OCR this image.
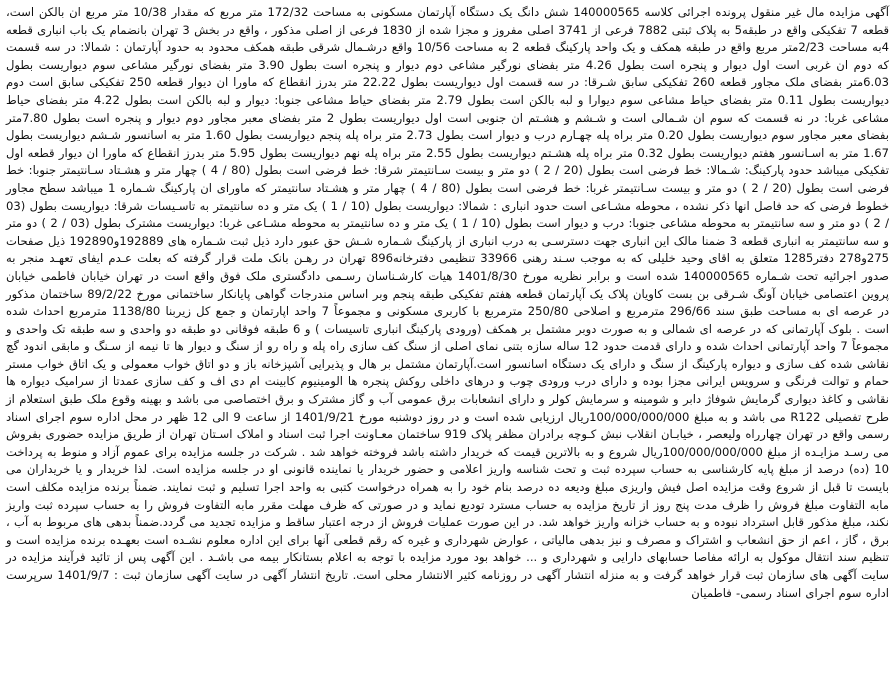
آگهی مزایده مال غیر منقول پرونده اجرائی کلاسه 140000565 شش دانگ یک دستگاه آپارتمان مسکونی به مساحت 172/32 متر مربع که مقدار 10/38 متر مربع ان بالکن است، قطعه 7 تفکیکی واقع در طبقه5 به پلاک ثبتی 7882 فرعی از 3741 اصلی مفروز و مجزا شده از 1830 فرعی از اصلی مذکور ، واقع در بخش 3 تهران بانضمام یک باب انباری قطعه 4به مساحت 2/23متر مربع واقع در طبقه همکف و یک واحد پارکینگ قطعه 2 به مساحت 10/56 واقع درشـمال شرقی طبقه همکف محدود به حدود آپارتمان : شمالا: در سه قسمت که دوم ان غربی است اول دیوار و پنجره است بطول 4.26 متر بفضای نورگیر مشاعی دوم دیوار و پنجره است بطول 3.90 متر بفضای نورگیر مشاعی سوم دیواریست بطول 6.03متر بفضای ملک مجاور قطعه 260 تفکیکی سابق شـرقا: در سه قسمت اول دیواریست بطول 22.22 متر بدرز انقطاع که ماورا ان دیوار قطعه 250 تفکیکی سابق است دوم دیواریست بطول 0.11 متر بفضای حیاط مشاعی سوم دیوارا و لبه بالکن است بطول 2.79 متر بفضای حیاط مشاعی جنوبا: دیوار و لبه بالکن است بطول 4.22 متر بفضای حیاط مشاعی غربا: در نه قسمت که سوم ان شـمالی است و شـشم و هشـتم ان جنوبی است اول دیواریست بطول 2 متر بفضای معبر مجاور دوم دیوار و پنجره است بطول 7.80متر بفضای معبر مجاور سوم دیواریست بطول 0.20 متر براه پله چهـارم درب و دیوار است بطول 2.73 متر براه پله پنجم دیواریست بطول 1.60 متر به اسانسور شـشم دیواریست بطول 1.67 متر به اسـانسور هفتم دیواریست بطول 0.32 متر براه پله هشـتم دیواریست بطول 2.55 متر براه پله نهم دیواریست بطول 5.95 متر بدرز انقطاع که ماورا ان دیوار قطعه اول تفکیکی میباشد حدود پارکینگ: شـمالا: خط فرضی است بطول (20 / 2 ) دو متر و بیست سـانتیمتر شرقا: خط فرضی است بطول (80 / 4 ) چهار متر و هشـتاد سـانتیمتر جنوبا: خط فرضی است بطول (20 / 2 ) دو متر و بیست سـانتیمتر غربا: خط فرضی است بطول (80 / 4 ) چهار متر و هشـتاد سانتیمتر که ماورای ان پارکینگ شـماره 1 میباشد سطح مجاور خطوط فرضی که حد فاصل انها ذکر نشده ، محوطه مشـاعی است حدود انباری : شمالا: دیواریست بطول (10 / 1 ) یک متر و ده سانتیمتر به تاسـیسات شرقا: دیواریست بطول (03 / 2 ) دو متر و سه سانتیمتر به محوطه مشاعی جنوبا: درب و دیوار است بطول (10 / 1 ) یک متر و ده سانتیمتر به محوطه مشـاعی غربا: دیواریست مشترک بطول (03 / 2 ) دو متر و سه سانتیمتر به انباری قطعه 3 ضمنا مالک این انباری جهت دسترسـی به درب انباری از پارکینگ شـماره شـش حق عبور دارد ذیل ثبت شـماره های 192889و192890 ذیل صفحات 275و278 دفتر1285 متعلق به اقای وحید خلیلی که به موجب سـند رهنی 33966 تنظیمی دفترخانه896 تهران در رهـن بانک ملت قرار گرفته که بعلت عـدم ایفای تعهـد منجر به صدور اجرائیه تحت شـماره 140000565 شده است و برابر نظریه مورخ 1401/8/30 هیات کارشـناسان رسـمی دادگستری ملک فوق واقع است در تهران خیابان فاطمی خیابان پروین اعتصامی خیابان آونگ شـرقی بن بست کاویان پلاک یک آپارتمان قطعه هفتم تفکیکی طبقه پنجم وبر اساس مندرجات گواهی پایانکار ساختمانی مورخ 89/2/22 ساختمان مذکور در عرصه ای به مساحت طبق سند 296/66 مترمربع و اصلاحی 250/80 مترمربع با کاربری مسکونی و مجموعاً 7 واحد اپارتمان و جمع کل زیربنا 1138/80 مترمربع احداث شده است . بلوک آپارتمانی که در عرصه ای شمالی و به صورت دوبر مشتمل بر همکف (ورودی پارکینگ انباری تاسیسات ) و 6 طبقه فوقانی دو طبقه دو واحدی و سه طبقه تک واحدی و مجموعاً 7 واحد آپارتمانی احداث شده و دارای قدمت حدود 12 ساله سازه بتنی نمای اصلی از سنگ کف سازی راه پله و راه رو از سنگ و دیوار ها تا نیمه از سـنگ و مابقی اندود گچ نقاشی شده کف سازی و دیواره پارکینگ از سنگ و دارای یک دستگاه اسانسور است.آپارتمان مشتمل بر هال و پذیرایی آشپزخانه باز و دو اتاق خواب معمولی و یک اتاق خواب مستر حمام و توالت فرنگی و سرویس ایرانی مجزا بوده و دارای درب ورودی چوب و درهای داخلی روکش پنجره ها الومینیوم کابینت ام دی اف و کف سازی عمدتا از سرامیک دیواره ها نقاشی و کاغذ دیواری گرمایش شوفاژ دابر و شومینه و سرمایش کولر و دارای انشعابات برق عمومی آب و گاز مشترک و برق اختصاصی می باشد و بهینه وقوع ملک طبق استعلام از طرح تفصیلی R122 می باشد و به مبلغ 100/000/000/000ریال ارزیابی شده است و در روز دوشنبه مورخ 1401/9/21 از ساعت 9 الی 12 ظهر در محل اداره سوم اجرای اسناد رسمی واقع در تهران چهارراه ولیعصر ، خیابـان انقلاب نبش کـوچه برادران مظفر پلاک 919 ساختمان معـاونت اجرا ثبت اسناد و املاک اسـتان تهران از طریق مزایده حضوری بفروش می رسـد مزایـده از مبلغ 100/000/000/000ریال شروع و به بالاترین قیمت که خریدار داشته باشد فروخته خواهد شد . شرکت در جلسه مزایده برای عموم آزاد و منوط به پرداخت 10 (ده) درصد از مبلغ پایه کارشناسی به حساب سپرده ثبت و تحت شناسه واریز اعلامی و حضور خریدار یا نماینده قانونی او در جلسه مزایده است. لذا خریدار و یا خریداران می بایست تا قبل از شروع وقت مزایده اصل فیش واریزی مبلغ ودیعه ده درصد بنام خود را به همراه درخواست کتبی به واحد اجرا تسلیم و ثبت نمایند. ضمناً برنده مزایده مکلف است مابه التفاوت مبلغ فروش را ظرف مدت پنج روز از تاریخ مزایده به حساب مسترد تودیع نماید و در صورتی که ظرف مهلت مقرر مابه التفاوت فروش را به حساب سپرده ثبت واریز نکند، مبلغ مذکور قابل استرداد نبوده و به حساب خزانه واریز خواهد شد. در این صورت عملیات فروش از درجه اعتبار ساقط و مزایده تجدید می گردد.ضمناً بدهی های مربوط به آب ، برق ، گاز ، اعم از حق انشعاب و اشتراک و مصرف و نیز بدهی مالیاتی ، عوارض شهرداری و غیره که رقم قطعی آنها برای این اداره معلوم نشـده است بعهـده برنده مزایده است و تنظیم سند انتقال موکول به ارائه مفاصا حسابهای دارایی و شهرداری و ... خواهد بود مورد مزایده با توجه به اعلام بستانکار بیمه می باشـد . این آگهی پس از تائید فرآیند مزایده در سایت آگهی های سازمان ثبت قرار خواهد گرفت و به منزله انتشار آگهی در روزنامه کثیر الانتشار محلی است. تاریخ انتشار آگهی در سایت آگهی سازمان ثبت : 1401/9/7 سرپرست اداره سوم اجرای اسناد رسمی- فاطمیان
